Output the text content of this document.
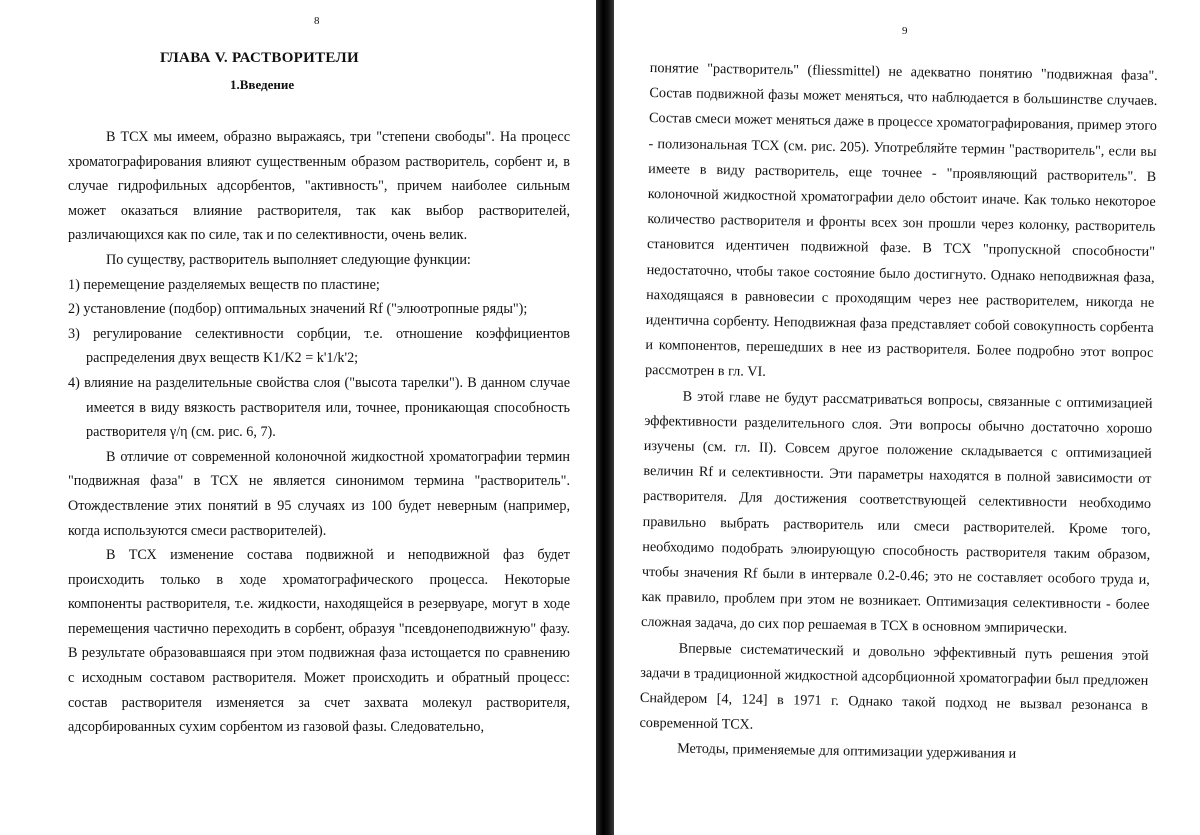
8
ГЛАВА V. РАСТВОРИТЕЛИ
1.Введение

В ТСХ мы имеем, образно выражаясь, три "степени свободы". На процесс хроматографирования влияют существенным образом растворитель, сорбент и, в случае гидрофильных адсорбентов, "активность", причем наиболее сильным может оказаться влияние растворителя, так как выбор растворителей, различающихся как по силе, так и по селективности, очень велик.

По существу, растворитель выполняет следующие функции:

1) перемещение разделяемых веществ по пластине;

2) установление (подбор) оптимальных значений Rf ("элюотропные ряды");

3) регулирование селективности сорбции, т.е. отношение коэффициентов распределения двух веществ K1/K2 = k'1/k'2;

4) влияние на разделительные свойства слоя ("высота тарелки"). В данном случае имеется в виду вязкость растворителя или, точнее, проникающая способность растворителя γ/η (см. рис. 6, 7).

В отличие от современной колоночной жидкостной хроматографии термин "подвижная фаза" в ТСХ не является синонимом термина "растворитель". Отождествление этих понятий в 95 случаях из 100 будет неверным (например, когда используются смеси растворителей).

В ТСХ изменение состава подвижной и неподвижной фаз будет происходить только в ходе хроматографического процесса. Некоторые компоненты растворителя, т.е. жидкости, находящейся в резервуаре, могут в ходе перемещения частично переходить в сорбент, образуя "псевдонеподвижную" фазу. В результате образовавшаяся при этом подвижная фаза истощается по сравнению с исходным составом растворителя. Может происходить и обратный процесс: состав растворителя изменяется за счет захвата молекул растворителя, адсорбированных сухим сорбентом из газовой фазы. Следовательно,

9

понятие "растворитель" (fliessmittel) не адекватно понятию "подвижная фаза". Состав подвижной фазы может меняться, что наблюдается в большинстве случаев. Состав смеси может меняться даже в процессе хроматографирования, пример этого - полизональная ТСХ (см. рис. 205). Употребляйте термин "растворитель", если вы имеете в виду растворитель, еще точнее - "проявляющий растворитель". В колоночной жидкостной хроматографии дело обстоит иначе. Как только некоторое количество растворителя и фронты всех зон прошли через колонку, растворитель становится идентичен подвижной фазе. В ТСХ "пропускной способности" недостаточно, чтобы такое состояние было достигнуто. Однако неподвижная фаза, находящаяся в равновесии с проходящим через нее растворителем, никогда не идентична сорбенту. Неподвижная фаза представляет собой совокупность сорбента и компонентов, перешедших в нее из растворителя. Более подробно этот вопрос рассмотрен в гл. VI.

В этой главе не будут рассматриваться вопросы, связанные с оптимизацией эффективности разделительного слоя. Эти вопросы обычно достаточно хорошо изучены (см. гл. II). Совсем другое положение складывается с оптимизацией величин Rf и селективности. Эти параметры находятся в полной зависимости от растворителя. Для достижения соответствующей селективности необходимо правильно выбрать растворитель или смеси растворителей. Кроме того, необходимо подобрать элюирующую способность растворителя таким образом, чтобы значения Rf были в интервале 0.2-0.46; это не составляет особого труда и, как правило, проблем при этом не возникает. Оптимизация селективности - более сложная задача, до сих пор решаемая в ТСХ в основном эмпирически.

Впервые систематический и довольно эффективный путь решения этой задачи в традиционной жидкостной адсорбционной хроматографии был предложен Снайдером [4, 124] в 1971 г. Однако такой подход не вызвал резонанса в современной ТСХ.

Методы, применяемые для оптимизации удерживания и
